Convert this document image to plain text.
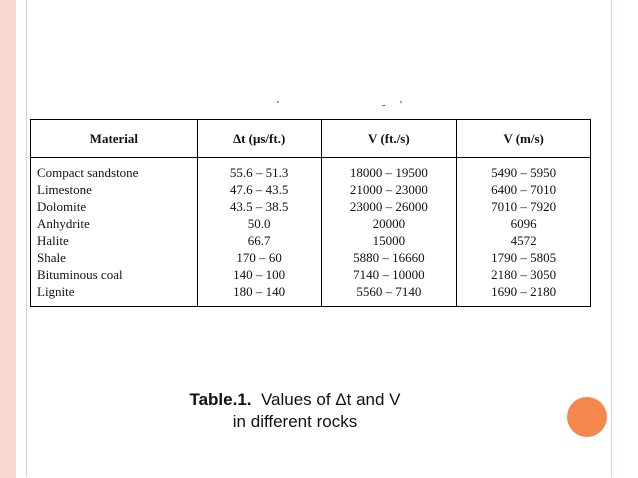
'	- '
Material	Δt (μs/ft.)	V (ft./s)	V (m/s)
Compact sandstone	55.6 – 51.3	18000 – 19500	5490 – 5950
Limestone	47.6 – 43.5	21000 – 23000	6400 – 7010
Dolomite	43.5 – 38.5	23000 – 26000	7010 – 7920
Anhydrite	50.0	20000	6096
Halite	66.7	15000	4572
Shale	170 – 60	5880 – 16660	1790 – 5805
Bituminous coal	140 – 100	7140 – 10000	2180 – 3050
Lignite	180 – 140	5560 – 7140	1690 – 2180
Table.1. Values of Δt and V
in different rocks
